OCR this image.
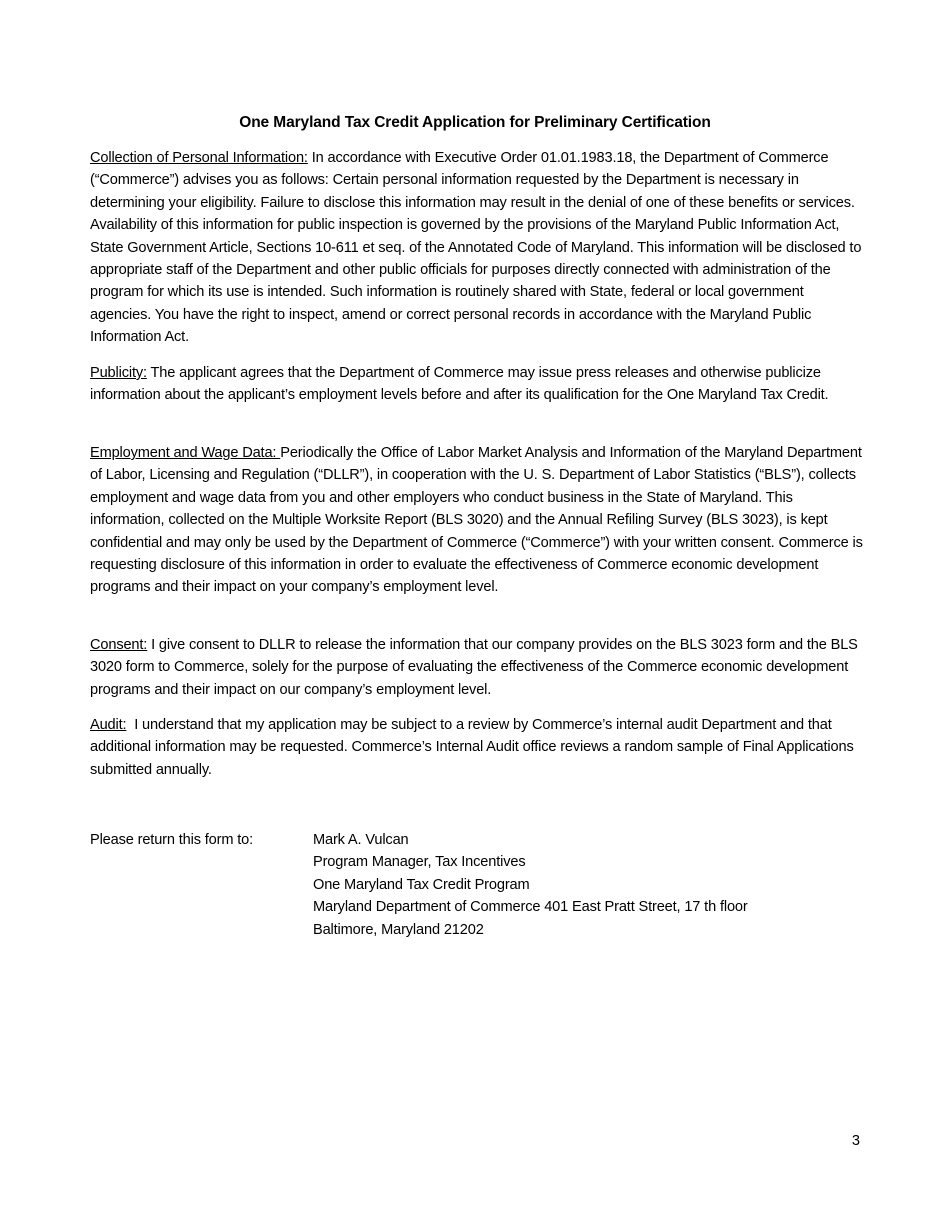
One Maryland Tax Credit Application for Preliminary Certification

Collection of Personal Information: In accordance with Executive Order 01.01.1983.18, the Department of Commerce (“Commerce”) advises you as follows: Certain personal information requested by the Department is necessary in determining your eligibility. Failure to disclose this information may result in the denial of one of these benefits or services. Availability of this information for public inspection is governed by the provisions of the Maryland Public Information Act, State Government Article, Sections 10-611 et seq. of the Annotated Code of Maryland. This information will be disclosed to appropriate staff of the Department and other public officials for purposes directly connected with administration of the program for which its use is intended. Such information is routinely shared with State, federal or local government agencies. You have the right to inspect, amend or correct personal records in accordance with the Maryland Public Information Act.

Publicity: The applicant agrees that the Department of Commerce may issue press releases and otherwise publicize information about the applicant’s employment levels before and after its qualification for the One Maryland Tax Credit.

Employment and Wage Data: Periodically the Office of Labor Market Analysis and Information of the Maryland Department of Labor, Licensing and Regulation (“DLLR”), in cooperation with the U. S. Department of Labor Statistics (“BLS”), collects employment and wage data from you and other employers who conduct business in the State of Maryland. This information, collected on the Multiple Worksite Report (BLS 3020) and the Annual Refiling Survey (BLS 3023), is kept confidential and may only be used by the Department of Commerce (“Commerce”) with your written consent. Commerce is requesting disclosure of this information in order to evaluate the effectiveness of Commerce economic development programs and their impact on your company’s employment level.

Consent: I give consent to DLLR to release the information that our company provides on the BLS 3023 form and the BLS 3020 form to Commerce, solely for the purpose of evaluating the effectiveness of the Commerce economic development programs and their impact on our company’s employment level.

Audit:  I understand that my application may be subject to a review by Commerce’s internal audit Department and that additional information may be requested. Commerce’s Internal Audit office reviews a random sample of Final Applications submitted annually.

Please return this form to:	Mark A. Vulcan
Program Manager, Tax Incentives
One Maryland Tax Credit Program
Maryland Department of Commerce 401 East Pratt Street, 17 th floor
Baltimore, Maryland 21202
3
